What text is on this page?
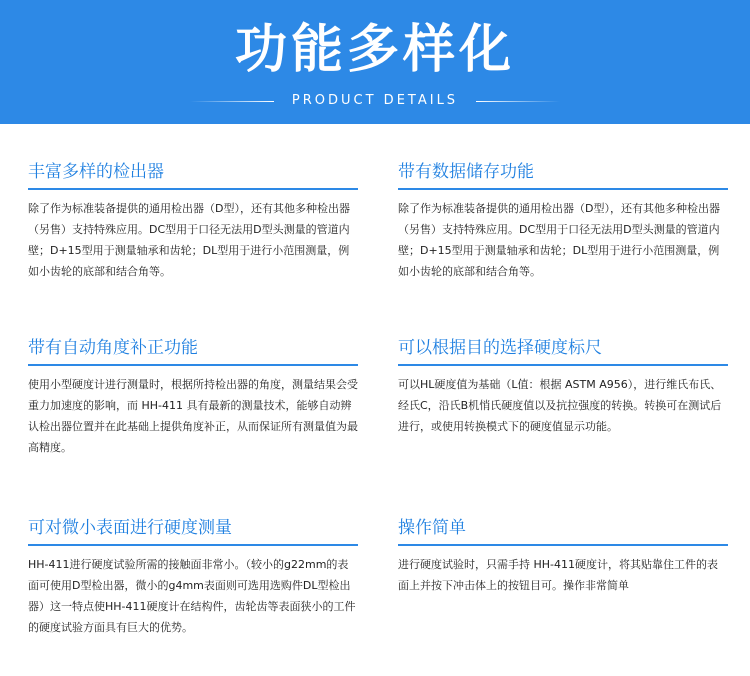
功能多样化
PRODUCT DETAILS
丰富多样的检出器

除了作为标准装备提供的通用检出器（D型），还有其他多种检出器（另售）支持特殊应用。DC型用于口径无法用D型头测量的管道内壁；D+15型用于测量轴承和齿轮；DL型用于进行小范围测量，例如小齿轮的底部和结合角等。

带有数据储存功能

除了作为标准装备提供的通用检出器（D型），还有其他多种检出器（另售）支持特殊应用。DC型用于口径无法用D型头测量的管道内壁；D+15型用于测量轴承和齿轮；DL型用于进行小范围测量，例如小齿轮的底部和结合角等。

带有自动角度补正功能

使用小型硬度计进行测量时，根据所持检出器的角度，测量结果会受重力加速度的影响，而 HH-411 具有最新的测量技术，能够自动辨认检出器位置并在此基础上提供角度补正，从而保证所有测量值为最高精度。

可以根据目的选择硬度标尺

可以HL硬度值为基础（L值：根据 ASTM A956），进行维氏布氏、经氏C，沿氏B机悄氏硬度值以及抗拉强度的转换。转换可在测试后进行，或使用转换模式下的硬度值显示功能。

可对微小表面进行硬度测量

HH-411进行硬度试验所需的接触面非常小。（较小的g22mm的表面可使用D型检出器，微小的g4mm表面则可选用选购件DL型检出器）这一特点使HH-411硬度计在结构件，齿轮齿等表面狭小的工件的硬度试验方面具有巨大的优势。

操作简单

进行硬度试验时，只需手持 HH-411硬度计，将其贴靠住工件的表面上并按下冲击体上的按钮目可。操作非常简单
